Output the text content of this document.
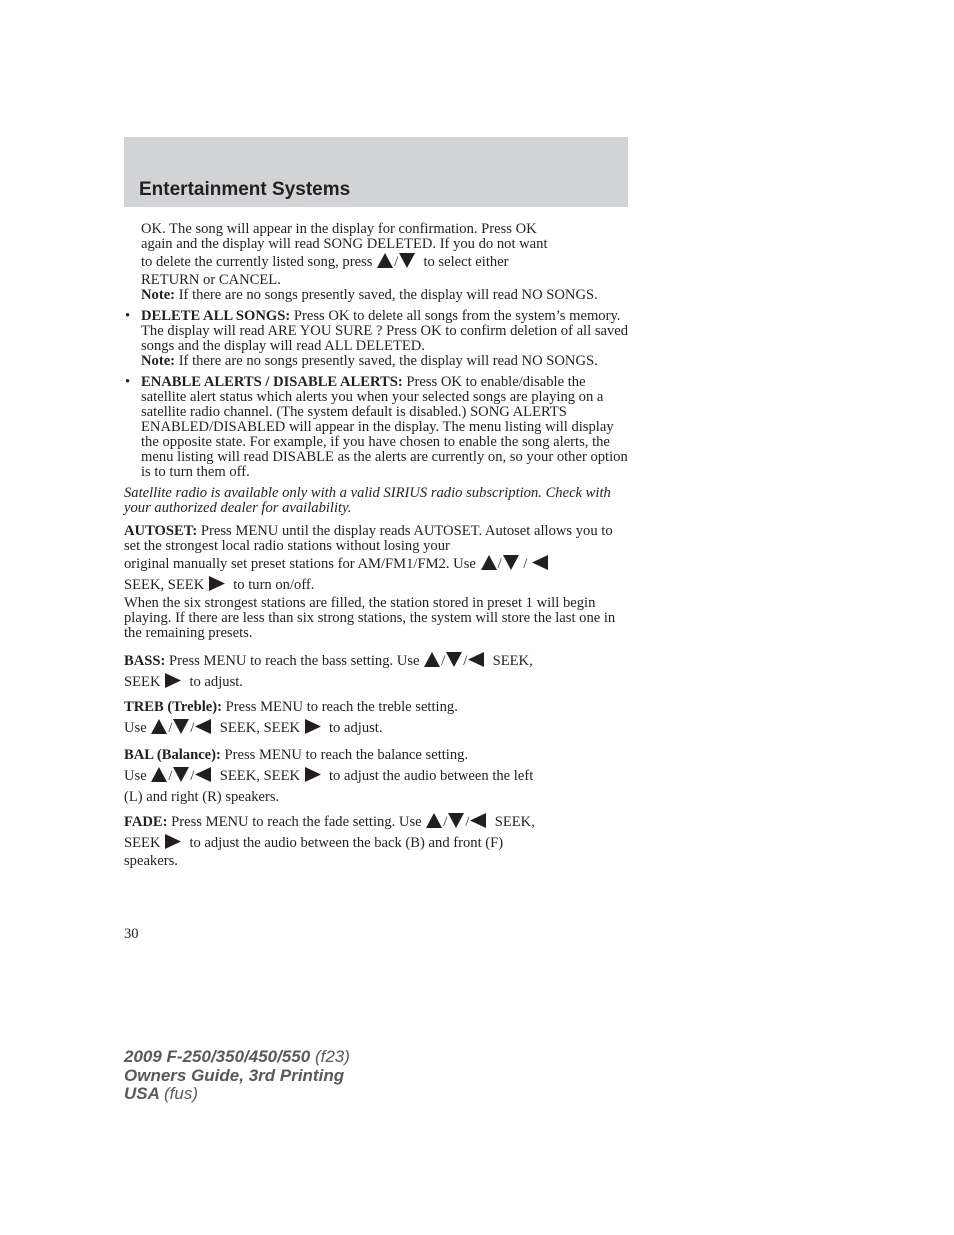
Entertainment Systems

OK. The song will appear in the display for confirmation. Press OK

again and the display will read SONG DELETED. If you do not want

to delete the currently listed song, press / to select either

RETURN or CANCEL.

Note: If there are no songs presently saved, the display will read NO SONGS.

• DELETE ALL SONGS: Press OK to delete all songs from the system’s memory. The display will read ARE YOU SURE ? Press OK to confirm deletion of all saved songs and the display will read ALL DELETED.

Note: If there are no songs presently saved, the display will read NO SONGS.

• ENABLE ALERTS / DISABLE ALERTS: Press OK to enable/disable the satellite alert status which alerts you when your selected songs are playing on a satellite radio channel. (The system default is disabled.) SONG ALERTS ENABLED/DISABLED will appear in the display. The menu listing will display the opposite state. For example, if you have chosen to enable the song alerts, the menu listing will read DISABLE as the alerts are currently on, so your other option is to turn them off.

Satellite radio is available only with a valid SIRIUS radio subscription. Check with your authorized dealer for availability.

AUTOSET: Press MENU until the display reads AUTOSET. Autoset allows you to set the strongest local radio stations without losing your

original manually set preset stations for AM/FM1/FM2. Use / /

SEEK, SEEK to turn on/off.

When the six strongest stations are filled, the station stored in preset 1 will begin playing. If there are less than six strong stations, the system will store the last one in the remaining presets.

BASS: Press MENU to reach the bass setting. Use / / SEEK,

SEEK to adjust.

TREB (Treble): Press MENU to reach the treble setting.

Use / / SEEK, SEEK to adjust.

BAL (Balance): Press MENU to reach the balance setting.

Use / / SEEK, SEEK to adjust the audio between the left

(L) and right (R) speakers.

FADE: Press MENU to reach the fade setting. Use / / SEEK,

SEEK to adjust the audio between the back (B) and front (F)

speakers.

30
2009 F-250/350/450/550 (f23)
Owners Guide, 3rd Printing
USA (fus)
